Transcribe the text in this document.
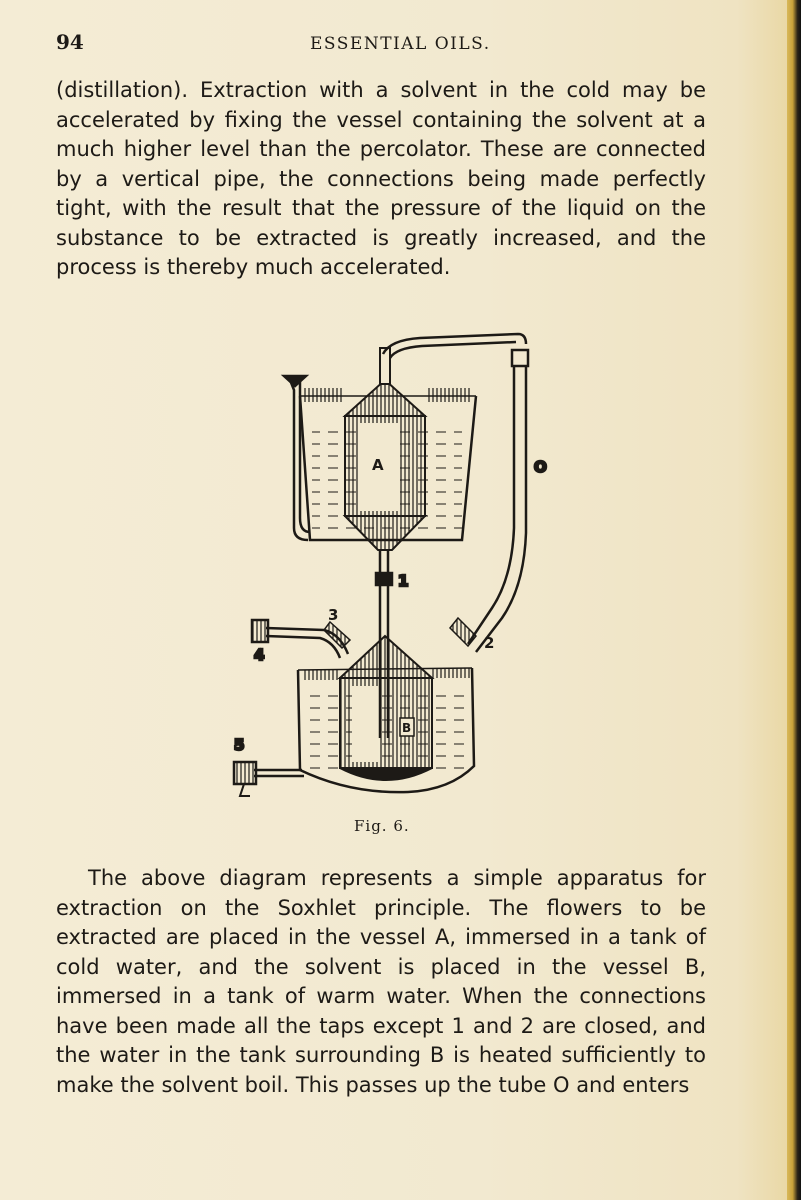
94	ESSENTIAL OILS.

(distillation). Extraction with a solvent in the cold may be accelerated by fixing the vessel containing the solvent at a much higher level than the percolator. These are connected by a vertical pipe, the connections being made perfectly tight, with the result that the pressure of the liquid on the substance to be extracted is greatly increased, and the process is thereby much accelerated.

A	O
1
2
3
4
B
5
Fig. 6.

The above diagram represents a simple apparatus for extraction on the Soxhlet principle. The flowers to be extracted are placed in the vessel A, immersed in a tank of cold water, and the solvent is placed in the vessel B, immersed in a tank of warm water. When the connections have been made all the taps except 1 and 2 are closed, and the water in the tank surrounding B is heated sufficiently to make the solvent boil. This passes up the tube O and enters
